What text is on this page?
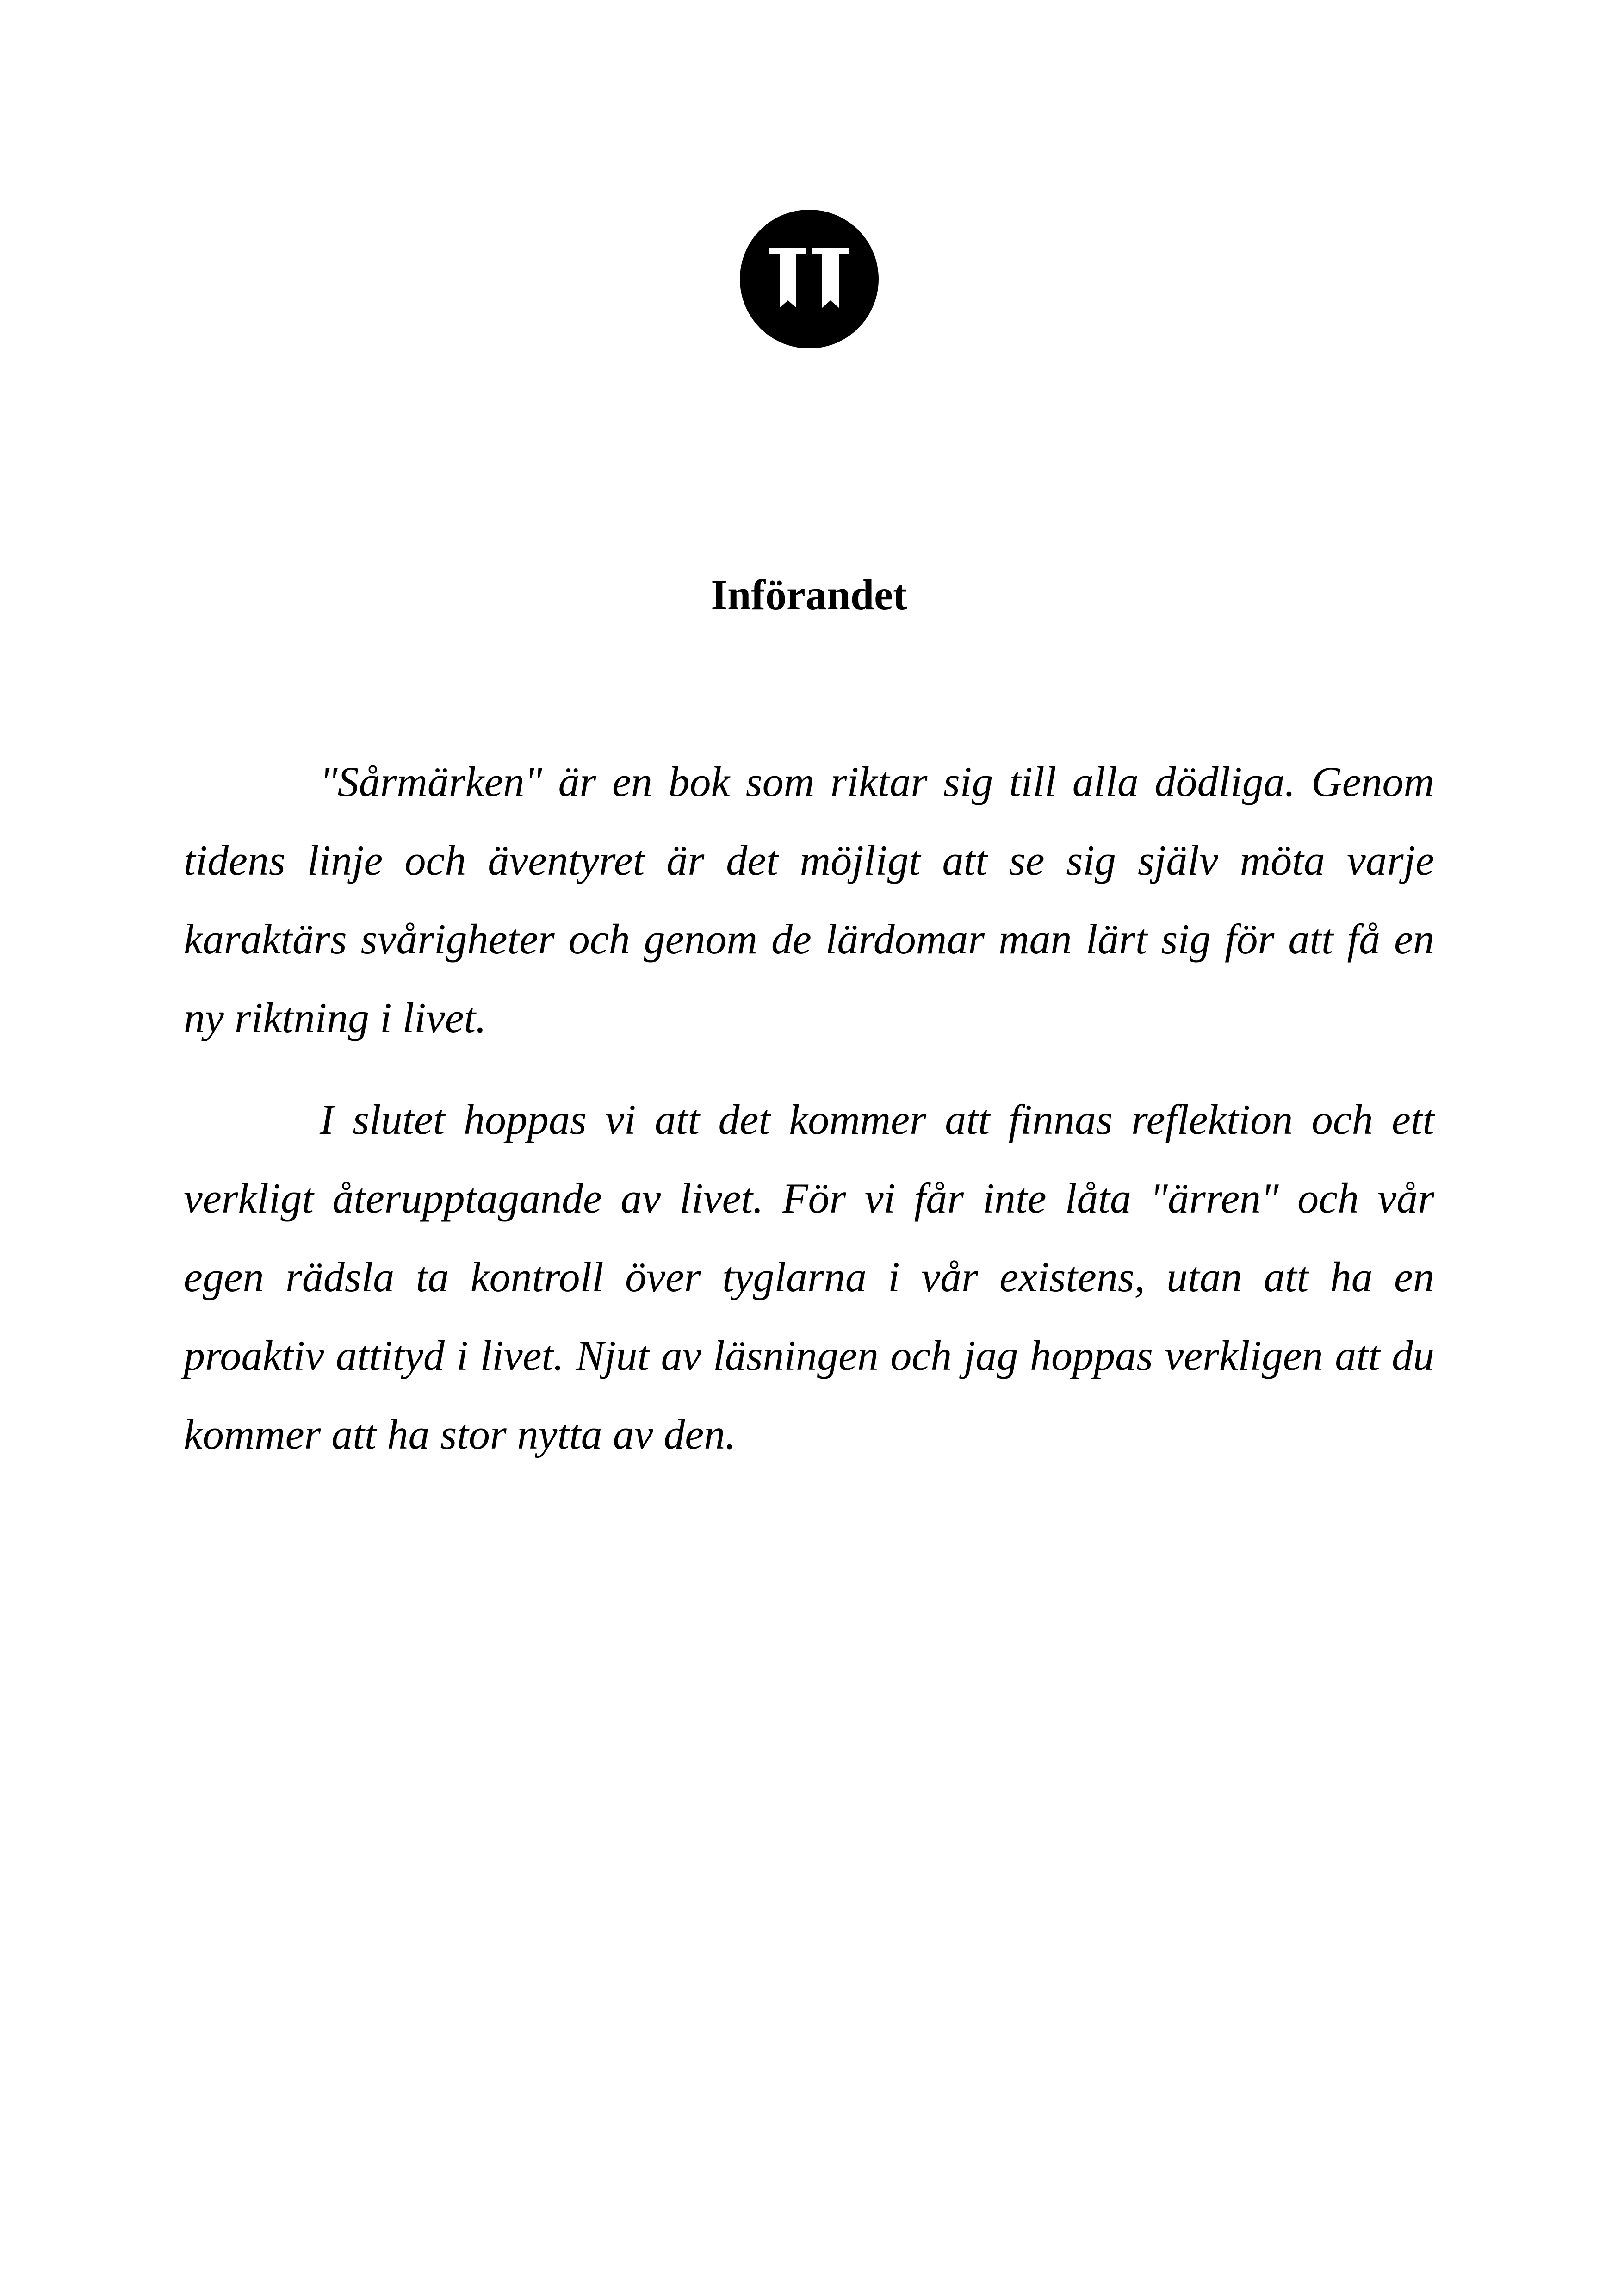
Införandet

"Sårmärken" är en bok som riktar sig till alla dödliga. Genom tidens linje och äventyret är det möjligt att se sig själv möta varje karaktärs svårigheter och genom de lärdomar man lärt sig för att få en ny riktning i livet.

I slutet hoppas vi att det kommer att finnas reflektion och ett verkligt återupptagande av livet. För vi får inte låta "ärren" och vår egen rädsla ta kontroll över tyglarna i vår existens, utan att ha en proaktiv attityd i livet. Njut av läsningen och jag hoppas verkligen att du kommer att ha stor nytta av den.
